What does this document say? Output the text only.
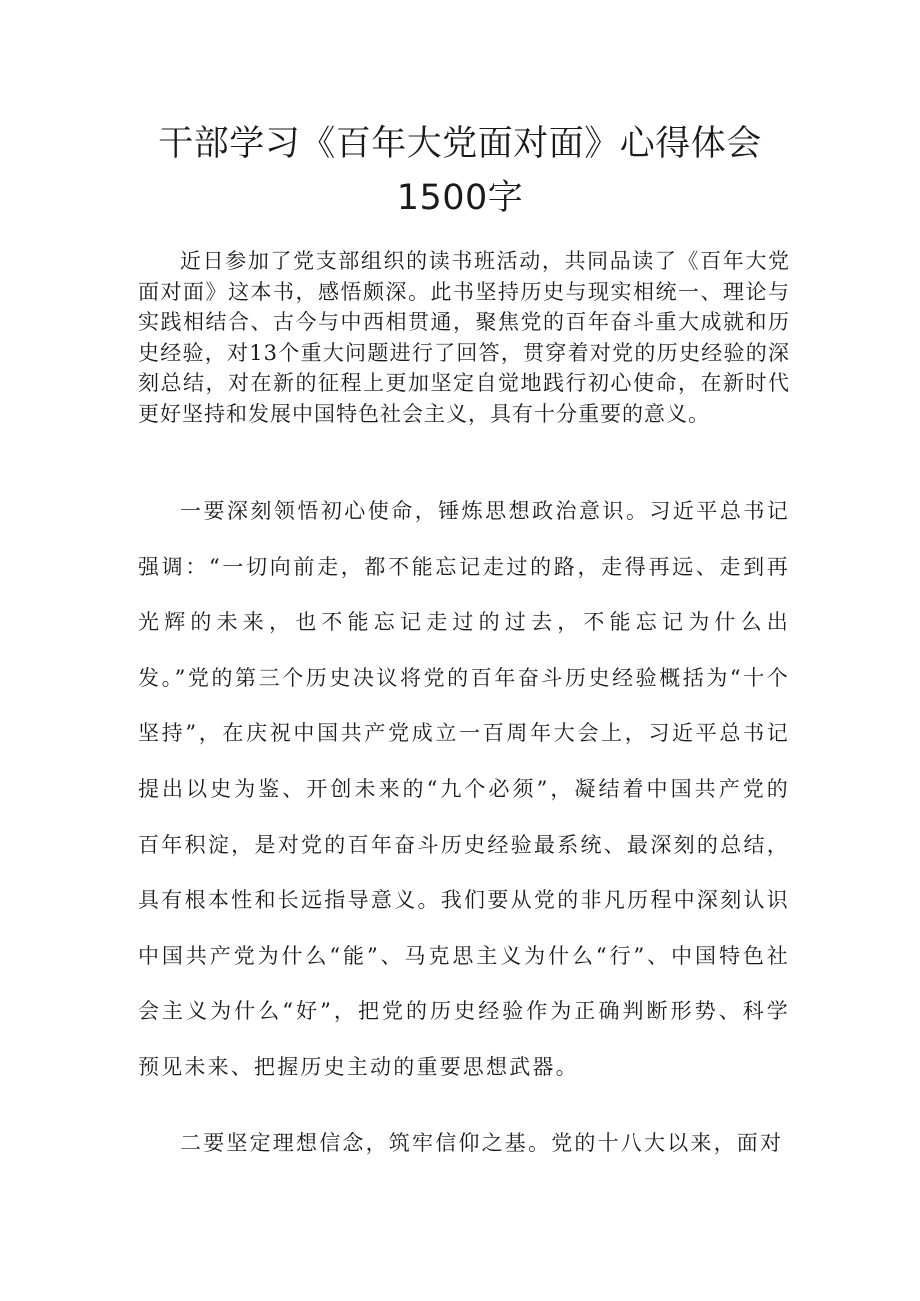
干部学习《百年大党面对面》心得体会
1500字

近日参加了党支部组织的读书班活动，共同品读了《百年大党面对面》这本书，感悟颇深。此书坚持历史与现实相统一、理论与实践相结合、古今与中西相贯通，聚焦党的百年奋斗重大成就和历史经验，对13个重大问题进行了回答，贯穿着对党的历史经验的深刻总结，对在新的征程上更加坚定自觉地践行初心使命，在新时代更好坚持和发展中国特色社会主义，具有十分重要的意义。

一要深刻领悟初心使命，锤炼思想政治意识。习近平总书记强调：“一切向前走，都不能忘记走过的路，走得再远、走到再光辉的未来，也不能忘记走过的过去，不能忘记为什么出发。”党的第三个历史决议将党的百年奋斗历史经验概括为“十个坚持”，在庆祝中国共产党成立一百周年大会上，习近平总书记提出以史为鉴、开创未来的“九个必须”，凝结着中国共产党的百年积淀，是对党的百年奋斗历史经验最系统、最深刻的总结，具有根本性和长远指导意义。我们要从党的非凡历程中深刻认识中国共产党为什么“能”、马克思主义为什么“行”、中国特色社会主义为什么“好”，把党的历史经验作为正确判断形势、科学预见未来、把握历史主动的重要思想武器。

二要坚定理想信念，筑牢信仰之基。党的十八大以来，面对
